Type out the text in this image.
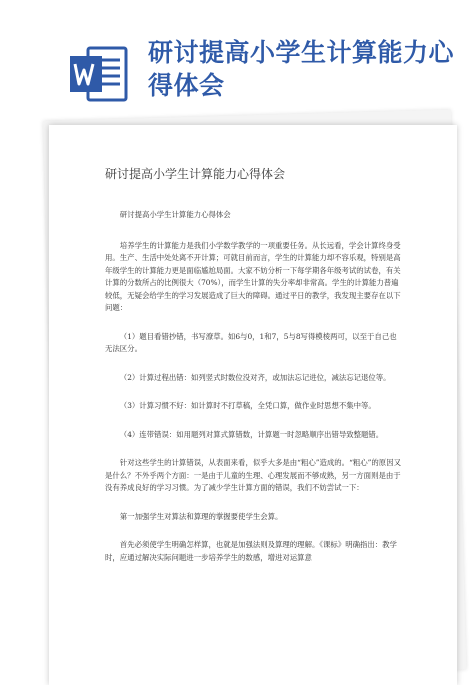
研讨提高小学生计算能力心得体会
研讨提高小学生计算能力心得体会

研讨提高小学生计算能力心得体会

培养学生的计算能力是我们小学数学教学的一项重要任务。从长远看，学会计算终身受用。生产、生活中处处离不开计算；可就目前而言，学生的计算能力却不容乐观，特别是高年级学生的计算能力更是面临尴尬局面。大家不妨分析一下每学期各年级考试的试卷，有关计算的分数所占的比例很大（70%），而学生计算的失分率却非常高。学生的计算能力普遍较低，无疑会给学生的学习发展造成了巨大的障碍。通过平日的教学，我发现主要存在以下问题：

（1）题目看错抄错，书写潦草。如6与0，1和7，5与8写得模棱两可，以至于自己也无法区分。

（2）计算过程出错：如列竖式时数位没对齐，或加法忘记进位，减法忘记退位等。

（3）计算习惯不好：如计算时不打草稿，全凭口算，做作业时思想不集中等。

（4）连带错误：如用题列对算式算错数，计算题一时忽略顺序出错导致整题错。

针对这些学生的计算错误，从表面来看，似乎大多是由“粗心”造成的。“粗心”的原因又是什么？不外乎两个方面：一是由于儿童的生理、心理发展而不够成熟，另一方面则是由于没有养成良好的学习习惯。为了减少学生计算方面的错误，我们不妨尝试一下：

第一加强学生对算法和算理的掌握要使学生会算。

首先必须使学生明确怎样算，也就是加强法则及算理的理解。《课标》明确指出：教学时，应通过解决实际问题进一步培养学生的数感，增进对运算意
